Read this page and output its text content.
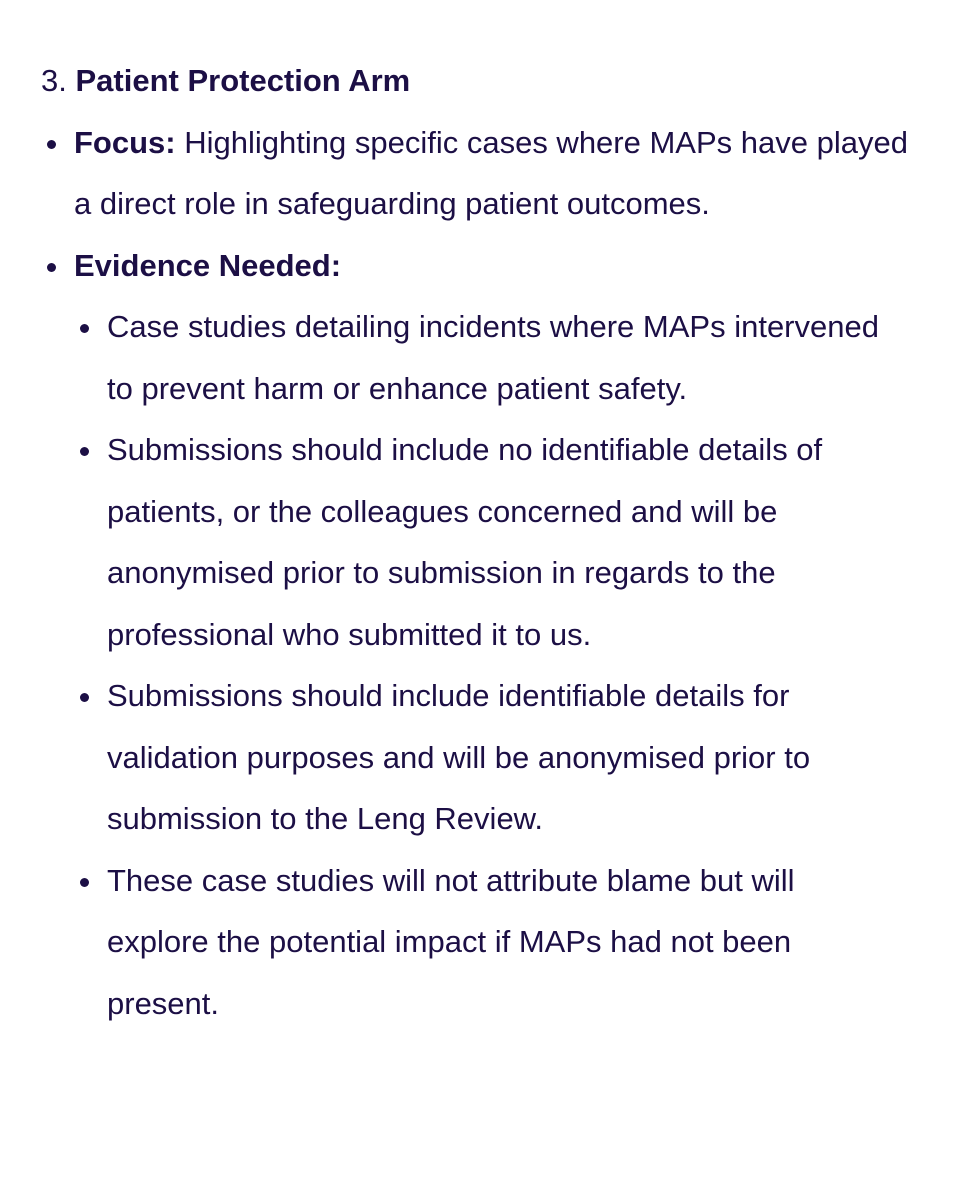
3. Patient Protection Arm

Focus: Highlighting specific cases where MAPs have played a direct role in safeguarding patient outcomes.
Evidence Needed:
Case studies detailing incidents where MAPs intervened to prevent harm or enhance patient safety.
Submissions should include no identifiable details of patients, or the colleagues concerned and will be anonymised prior to submission in regards to the professional who submitted it to us.
Submissions should include identifiable details for validation purposes and will be anonymised prior to submission to the Leng Review.
These case studies will not attribute blame but will explore the potential impact if MAPs had not been present.
